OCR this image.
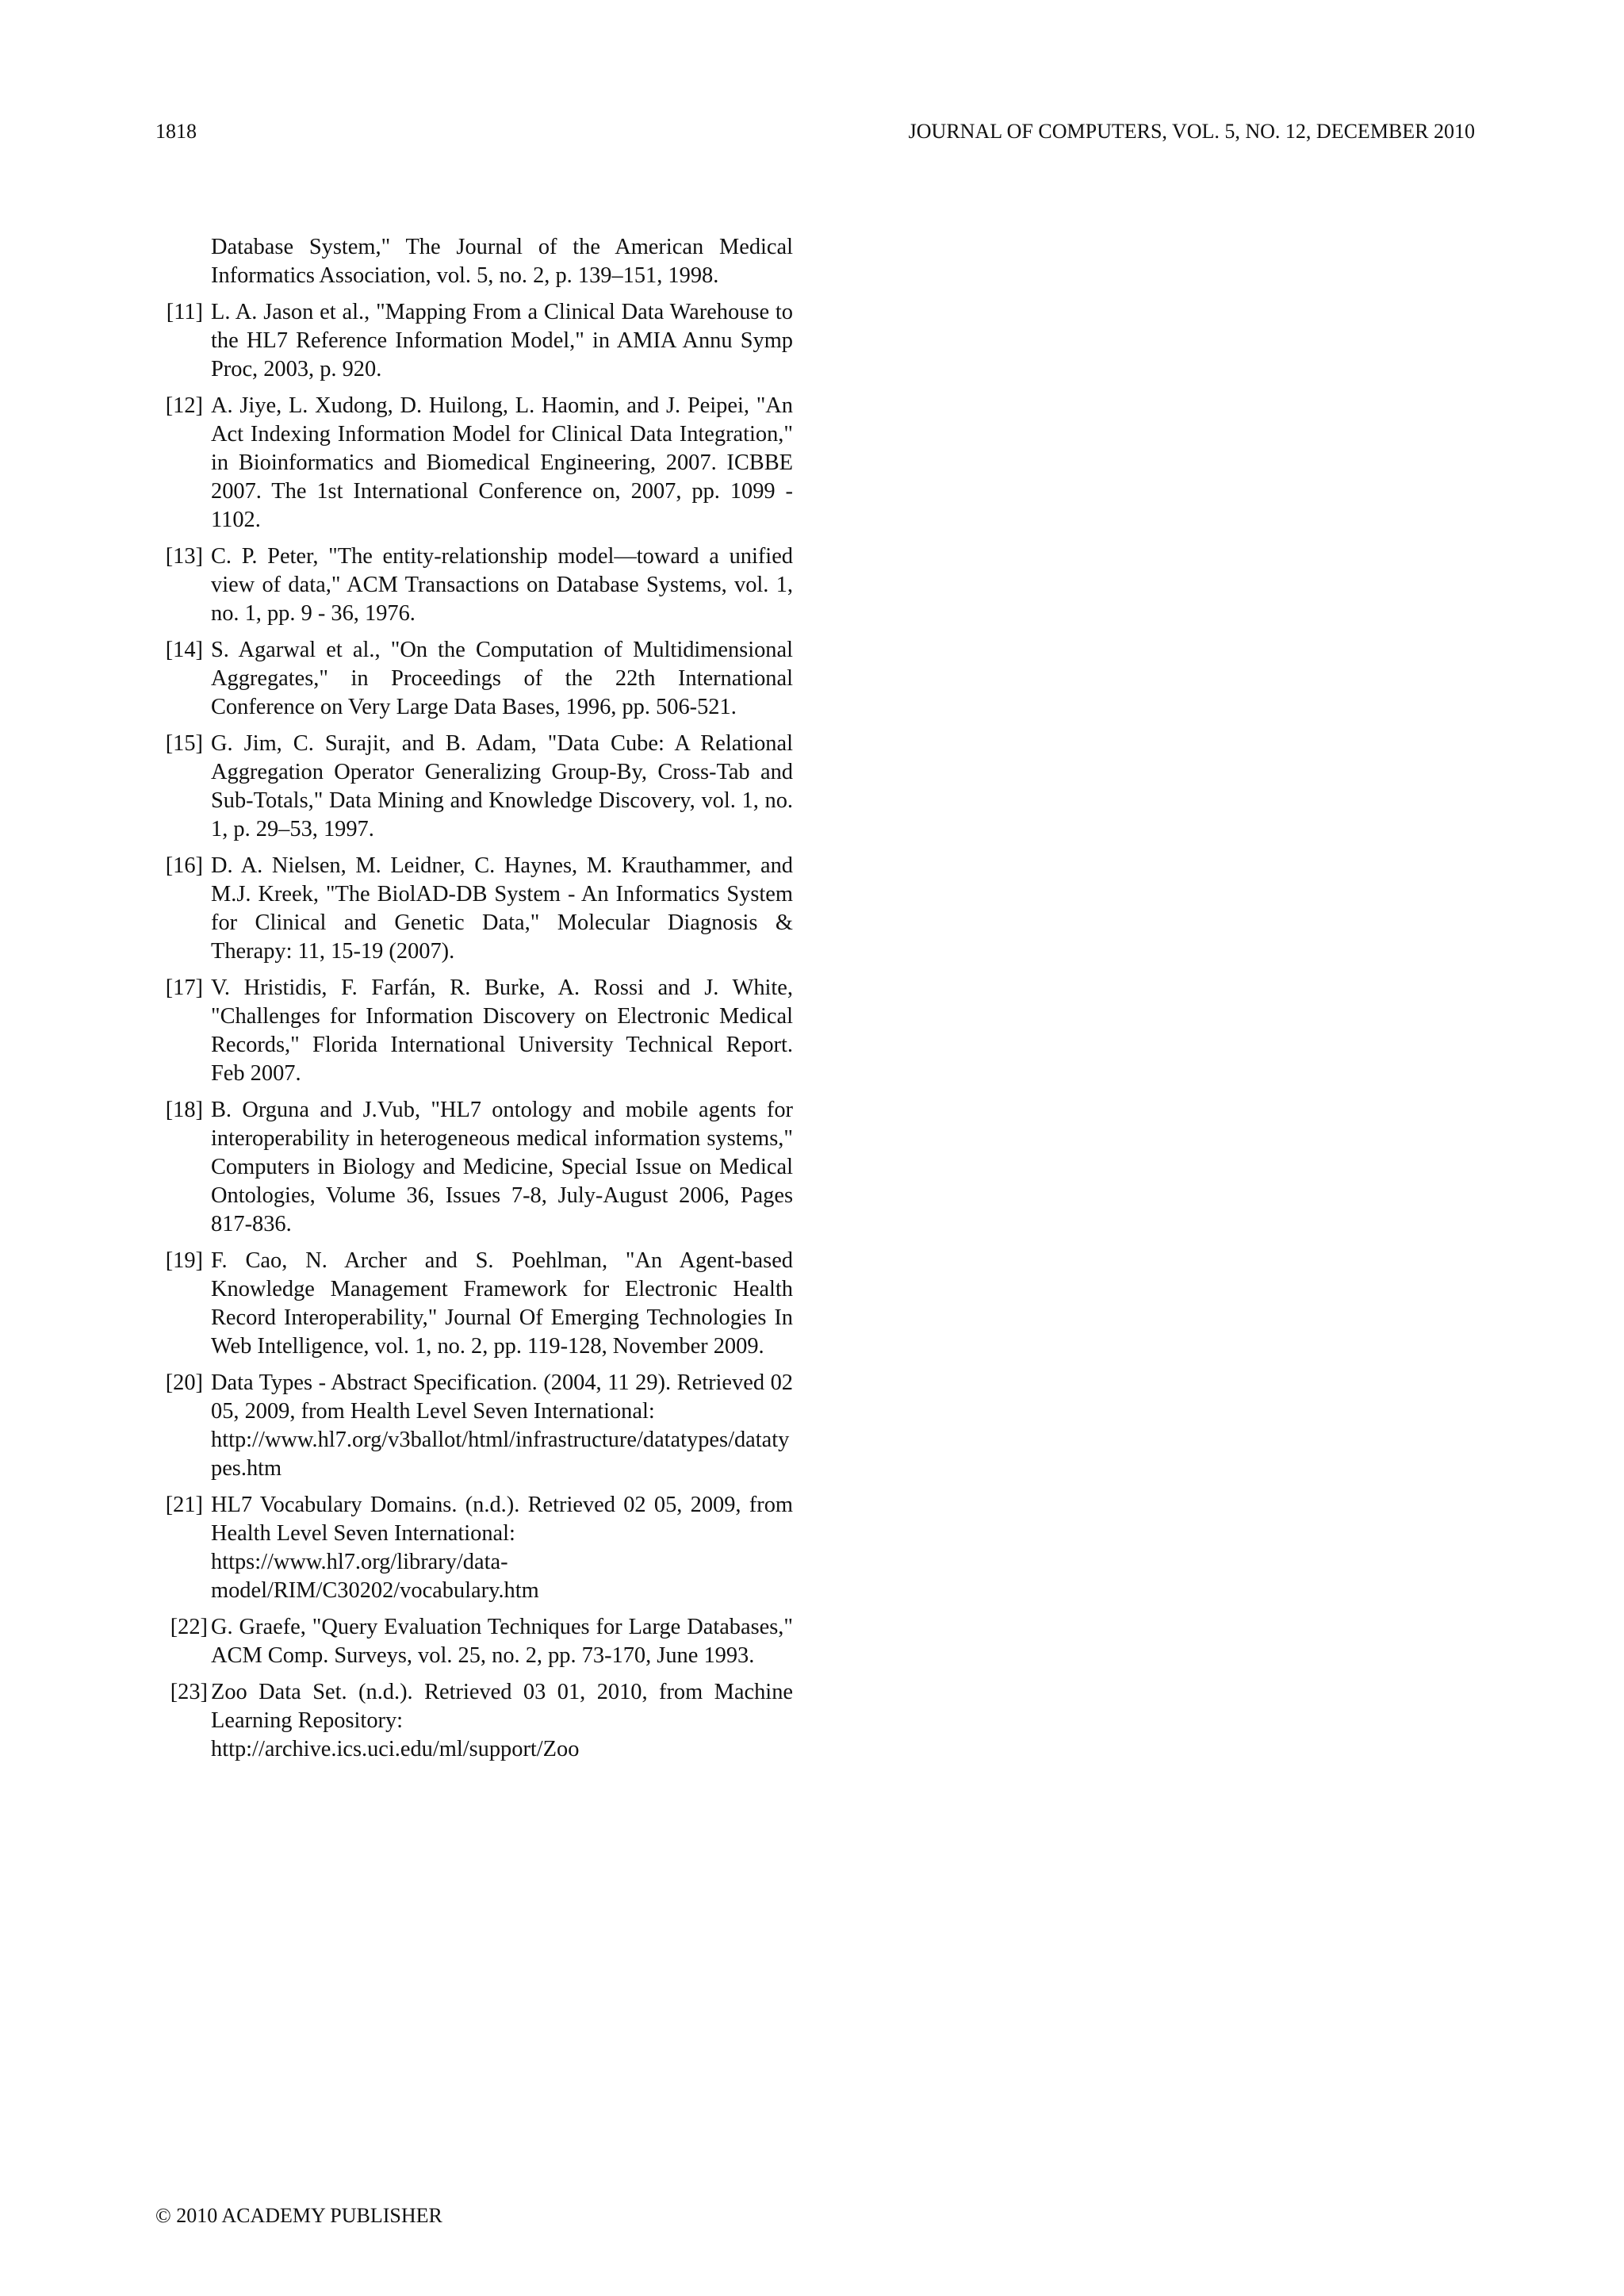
1818	JOURNAL OF COMPUTERS, VOL. 5, NO. 12, DECEMBER 2010
Database System," The Journal of the American Medical Informatics Association, vol. 5, no. 2, p. 139–151, 1998.
[11] L. A. Jason et al., "Mapping From a Clinical Data Warehouse to the HL7 Reference Information Model," in AMIA Annu Symp Proc, 2003, p. 920.
[12] A. Jiye, L. Xudong, D. Huilong, L. Haomin, and J. Peipei, "An Act Indexing Information Model for Clinical Data Integration," in Bioinformatics and Biomedical Engineering, 2007. ICBBE 2007. The 1st International Conference on, 2007, pp. 1099 - 1102.
[13] C. P. Peter, "The entity-relationship model—toward a unified view of data," ACM Transactions on Database Systems, vol. 1, no. 1, pp. 9 - 36, 1976.
[14] S. Agarwal et al., "On the Computation of Multidimensional Aggregates," in Proceedings of the 22th International Conference on Very Large Data Bases, 1996, pp. 506-521.
[15] G. Jim, C. Surajit, and B. Adam, "Data Cube: A Relational Aggregation Operator Generalizing Group-By, Cross-Tab and Sub-Totals," Data Mining and Knowledge Discovery, vol. 1, no. 1, p. 29–53, 1997.
[16] D. A. Nielsen, M. Leidner, C. Haynes, M. Krauthammer, and M.J. Kreek, "The BiolAD-DB System - An Informatics System for Clinical and Genetic Data," Molecular Diagnosis & Therapy: 11, 15-19 (2007).
[17] V. Hristidis, F. Farfán, R. Burke, A. Rossi and J. White, "Challenges for Information Discovery on Electronic Medical Records," Florida International University Technical Report. Feb 2007.
[18] B. Orguna and J.Vub, "HL7 ontology and mobile agents for interoperability in heterogeneous medical information systems," Computers in Biology and Medicine, Special Issue on Medical Ontologies, Volume 36, Issues 7-8, July-August 2006, Pages 817-836.
[19] F. Cao, N. Archer and S. Poehlman, "An Agent-based Knowledge Management Framework for Electronic Health Record Interoperability," Journal Of Emerging Technologies In Web Intelligence, vol. 1, no. 2, pp. 119-128, November 2009.
[20] Data Types - Abstract Specification. (2004, 11 29). Retrieved 02 05, 2009, from Health Level Seven International:
http://www.hl7.org/v3ballot/html/infrastructure/datatypes/datatypes.htm
[21] HL7 Vocabulary Domains. (n.d.). Retrieved 02 05, 2009, from Health Level Seven International:
https://www.hl7.org/library/data-model/RIM/C30202/vocabulary.htm
[22] G. Graefe, "Query Evaluation Techniques for Large Databases," ACM Comp. Surveys, vol. 25, no. 2, pp. 73-170, June 1993.
[23] Zoo Data Set. (n.d.). Retrieved 03 01, 2010, from Machine Learning Repository:
http://archive.ics.uci.edu/ml/support/Zoo
© 2010 ACADEMY PUBLISHER
